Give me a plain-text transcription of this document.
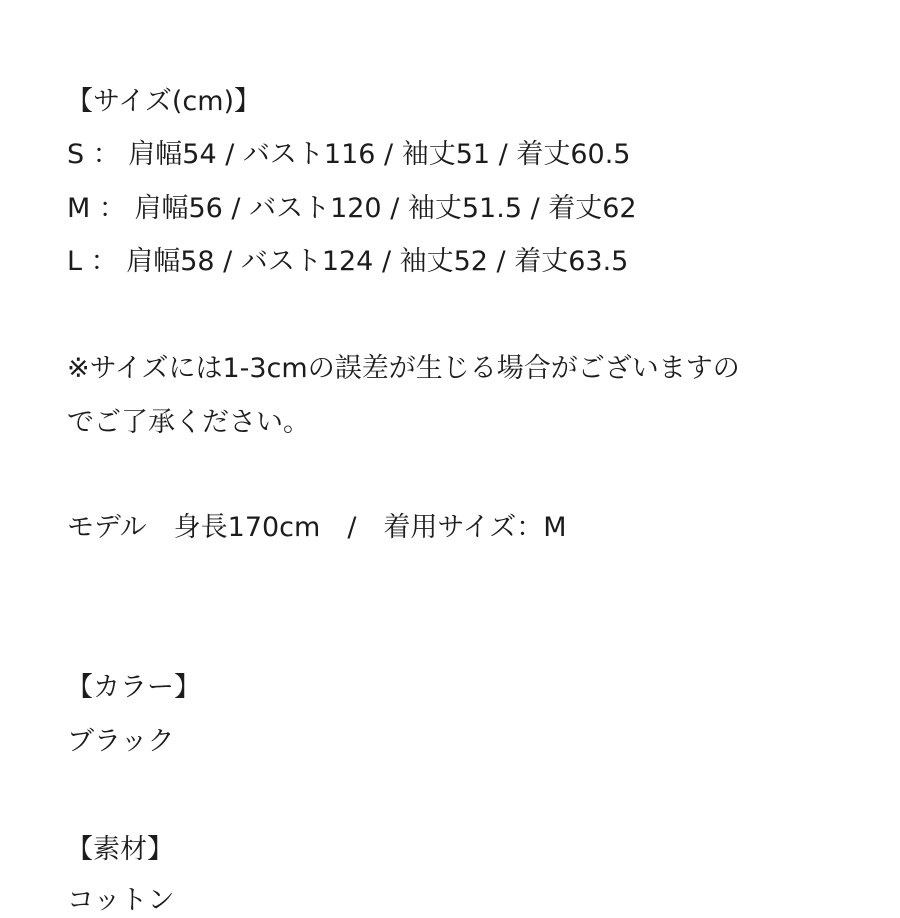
【サイズ(cm)】
S ： 肩幅54 / バスト116 / 袖丈51 / 着丈60.5
M ： 肩幅56 / バスト120 / 袖丈51.5 / 着丈62
L ： 肩幅58 / バスト124 / 袖丈52 / 着丈63.5
※サイズには1-3cmの誤差が生じる場合がございますの
でご了承ください。
モデル　身長170cm　/　着用サイズ：M
【カラー】
ブラック
【素材】
コットン
